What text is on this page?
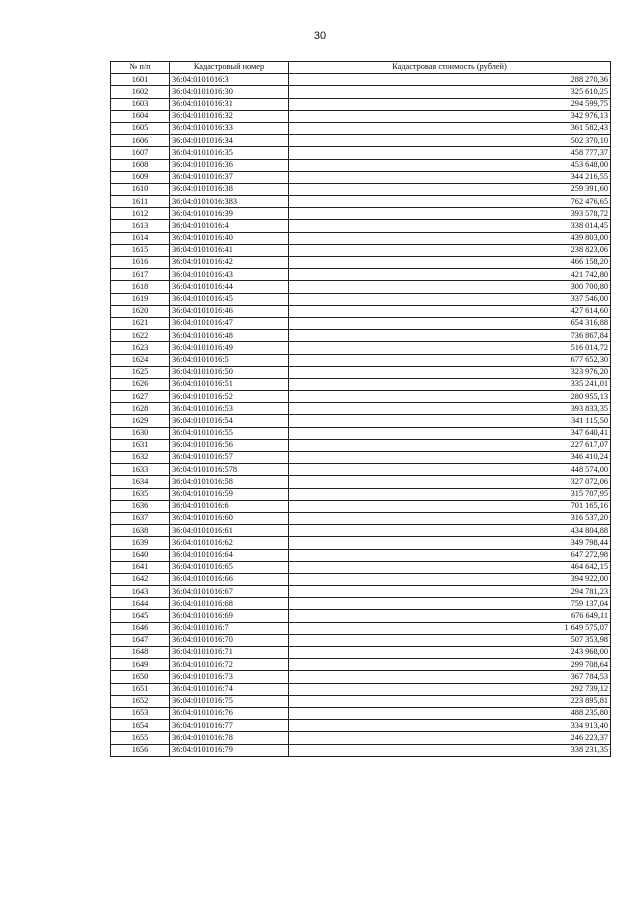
30
№ п/п	Кадастровый номер	Кадастровая стоимость (рублей)
1601	36:04:0101016:3	288 270,36
1602	36:04:0101016:30	325 610,25
1603	36:04:0101016:31	294 599,75
1604	36:04:0101016:32	342 976,13
1605	36:04:0101016:33	361 582,43
1606	36:04:0101016:34	502 370,10
1607	36:04:0101016:35	458 777,37
1608	36:04:0101016:36	453 648,00
1609	36:04:0101016:37	344 216,55
1610	36:04:0101016:38	259 391,60
1611	36:04:0101016:383	762 476,65
1612	36:04:0101016:39	393 578,72
1613	36:04:0101016:4	338 014,45
1614	36:04:0101016:40	439 803,00
1615	36:04:0101016:41	238 823,06
1616	36:04:0101016:42	466 158,20
1617	36:04:0101016:43	421 742,80
1618	36:04:0101016:44	300 700,80
1619	36:04:0101016:45	337 546,00
1620	36:04:0101016:46	427 614,60
1621	36:04:0101016:47	654 316,88
1622	36:04:0101016:48	736 867,84
1623	36:04:0101016:49	516 014,72
1624	36:04:0101016:5	677 652,30
1625	36:04:0101016:50	323 976,20
1626	36:04:0101016:51	335 241,01
1627	36:04:0101016:52	280 955,13
1628	36:04:0101016:53	393 833,35
1629	36:04:0101016:54	341 115,50
1630	36:04:0101016:55	347 640,41
1631	36:04:0101016:56	227 617,07
1632	36:04:0101016:57	346 410,24
1633	36:04:0101016:578	448 574,00
1634	36:04:0101016:58	327 072,06
1635	36:04:0101016:59	315 707,95
1636	36:04:0101016:6	701 165,16
1637	36:04:0101016:60	316 537,20
1638	36:04:0101016:61	434 804,88
1639	36:04:0101016:62	349 798,44
1640	36:04:0101016:64	647 272,98
1641	36:04:0101016:65	464 642,15
1642	36:04:0101016:66	394 922,00
1643	36:04:0101016:67	294 781,23
1644	36:04:0101016:68	759 137,04
1645	36:04:0101016:69	676 649,11
1646	36:04:0101016:7	1 649 575,07
1647	36:04:0101016:70	507 353,98
1648	36:04:0101016:71	243 968,00
1649	36:04:0101016:72	299 708,64
1650	36:04:0101016:73	367 784,53
1651	36:04:0101016:74	292 739,12
1652	36:04:0101016:75	223 895,81
1653	36:04:0101016:76	488 235,80
1654	36:04:0101016:77	334 913,40
1655	36:04:0101016:78	246 223,37
1656	36:04:0101016:79	338 231,35
